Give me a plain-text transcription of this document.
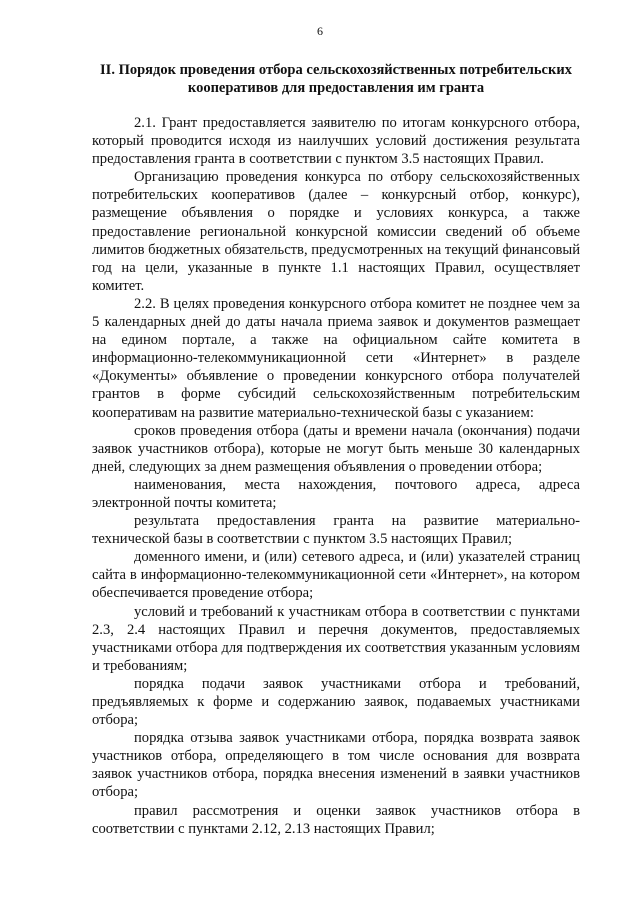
6
II. Порядок проведения отбора сельскохозяйственных потребительских кооперативов для предоставления им гранта

2.1. Грант предоставляется заявителю по итогам конкурсного отбора, который проводится исходя из наилучших условий достижения результата предоставления гранта в соответствии с пунктом 3.5 настоящих Правил.

Организацию проведения конкурса по отбору сельскохозяйственных потребительских кооперативов (далее – конкурсный отбор, конкурс), размещение объявления о порядке и условиях конкурса, а также предоставление региональной конкурсной комиссии сведений об объеме лимитов бюджетных обязательств, предусмотренных на текущий финансовый год на цели, указанные в пункте 1.1 настоящих Правил, осуществляет комитет.

2.2. В целях проведения конкурсного отбора комитет не позднее чем за 5 календарных дней до даты начала приема заявок и документов размещает на едином портале, а также на официальном сайте комитета в информационно-телекоммуникационной сети «Интернет» в разделе «Документы» объявление о проведении конкурсного отбора получателей грантов в форме субсидий сельскохозяйственным потребительским кооперативам на развитие материально-технической базы с указанием:

сроков проведения отбора (даты и времени начала (окончания) подачи заявок участников отбора), которые не могут быть меньше 30 календарных дней, следующих за днем размещения объявления о проведении отбора;

наименования, места нахождения, почтового адреса, адреса электронной почты комитета;

результата предоставления гранта на развитие материально-технической базы в соответствии с пунктом 3.5 настоящих Правил;

доменного имени, и (или) сетевого адреса, и (или) указателей страниц сайта в информационно-телекоммуникационной сети «Интернет», на котором обеспечивается проведение отбора;

условий и требований к участникам отбора в соответствии с пунктами 2.3, 2.4 настоящих Правил и перечня документов, предоставляемых участниками отбора для подтверждения их соответствия указанным условиям и требованиям;

порядка подачи заявок участниками отбора и требований, предъявляемых к форме и содержанию заявок, подаваемых участниками отбора;

порядка отзыва заявок участниками отбора, порядка возврата заявок участников отбора, определяющего в том числе основания для возврата заявок участников отбора, порядка внесения изменений в заявки участников отбора;

правил рассмотрения и оценки заявок участников отбора в соответствии с пунктами 2.12, 2.13 настоящих Правил;
